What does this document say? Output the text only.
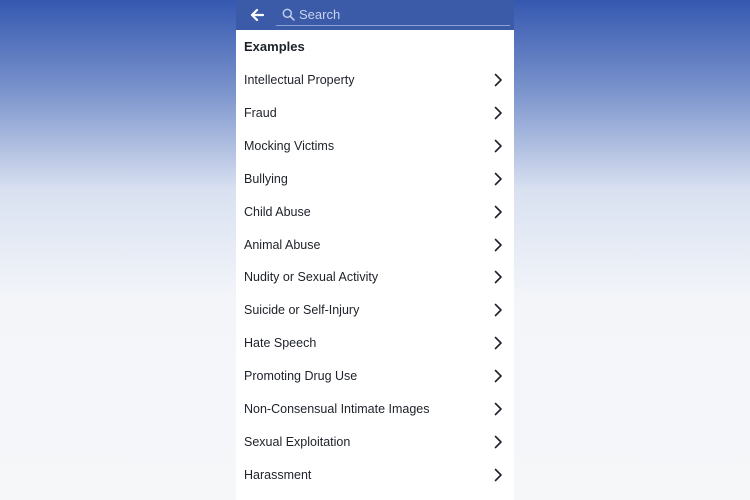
Search
Examples
Intellectual Property
Fraud
Mocking Victims
Bullying
Child Abuse
Animal Abuse
Nudity or Sexual Activity
Suicide or Self-Injury
Hate Speech
Promoting Drug Use
Non-Consensual Intimate Images
Sexual Exploitation
Harassment
